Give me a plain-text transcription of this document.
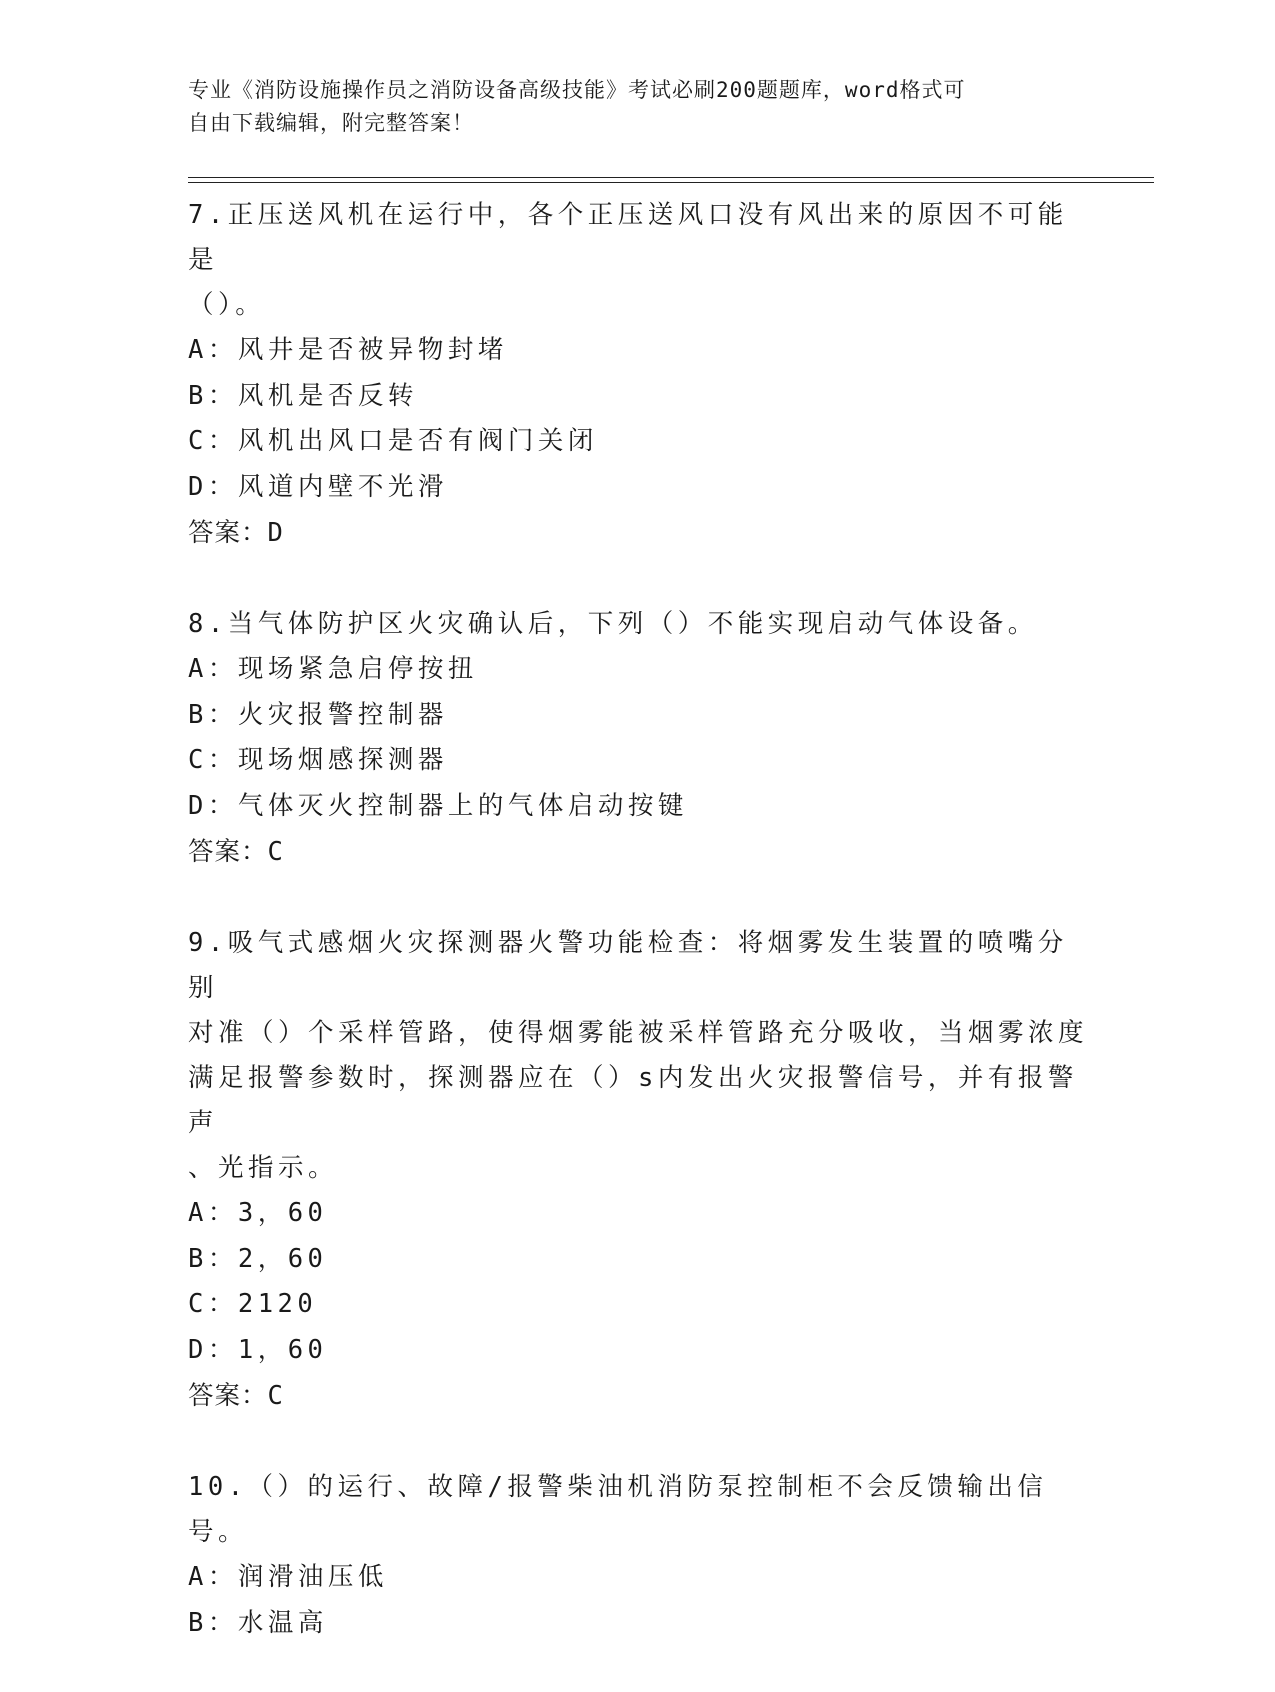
专业《消防设施操作员之消防设备高级技能》考试必刷200题题库，word格式可
自由下载编辑，附完整答案！

7.正压送风机在运行中，各个正压送风口没有风出来的原因不可能是

（）。

A：风井是否被异物封堵

B：风机是否反转

C：风机出风口是否有阀门关闭

D：风道内壁不光滑

答案：D

8.当气体防护区火灾确认后，下列（）不能实现启动气体设备。

A：现场紧急启停按扭

B：火灾报警控制器

C：现场烟感探测器

D：气体灭火控制器上的气体启动按键

答案：C

9.吸气式感烟火灾探测器火警功能检查：将烟雾发生装置的喷嘴分别

对准（）个采样管路，使得烟雾能被采样管路充分吸收，当烟雾浓度

满足报警参数时，探测器应在（）s内发出火灾报警信号，并有报警声

、光指示。

A：3，60

B：2，60

C：2120

D：1，60

答案：C

10.（）的运行、故障/报警柴油机消防泵控制柜不会反馈输出信号。

A：润滑油压低

B：水温高
